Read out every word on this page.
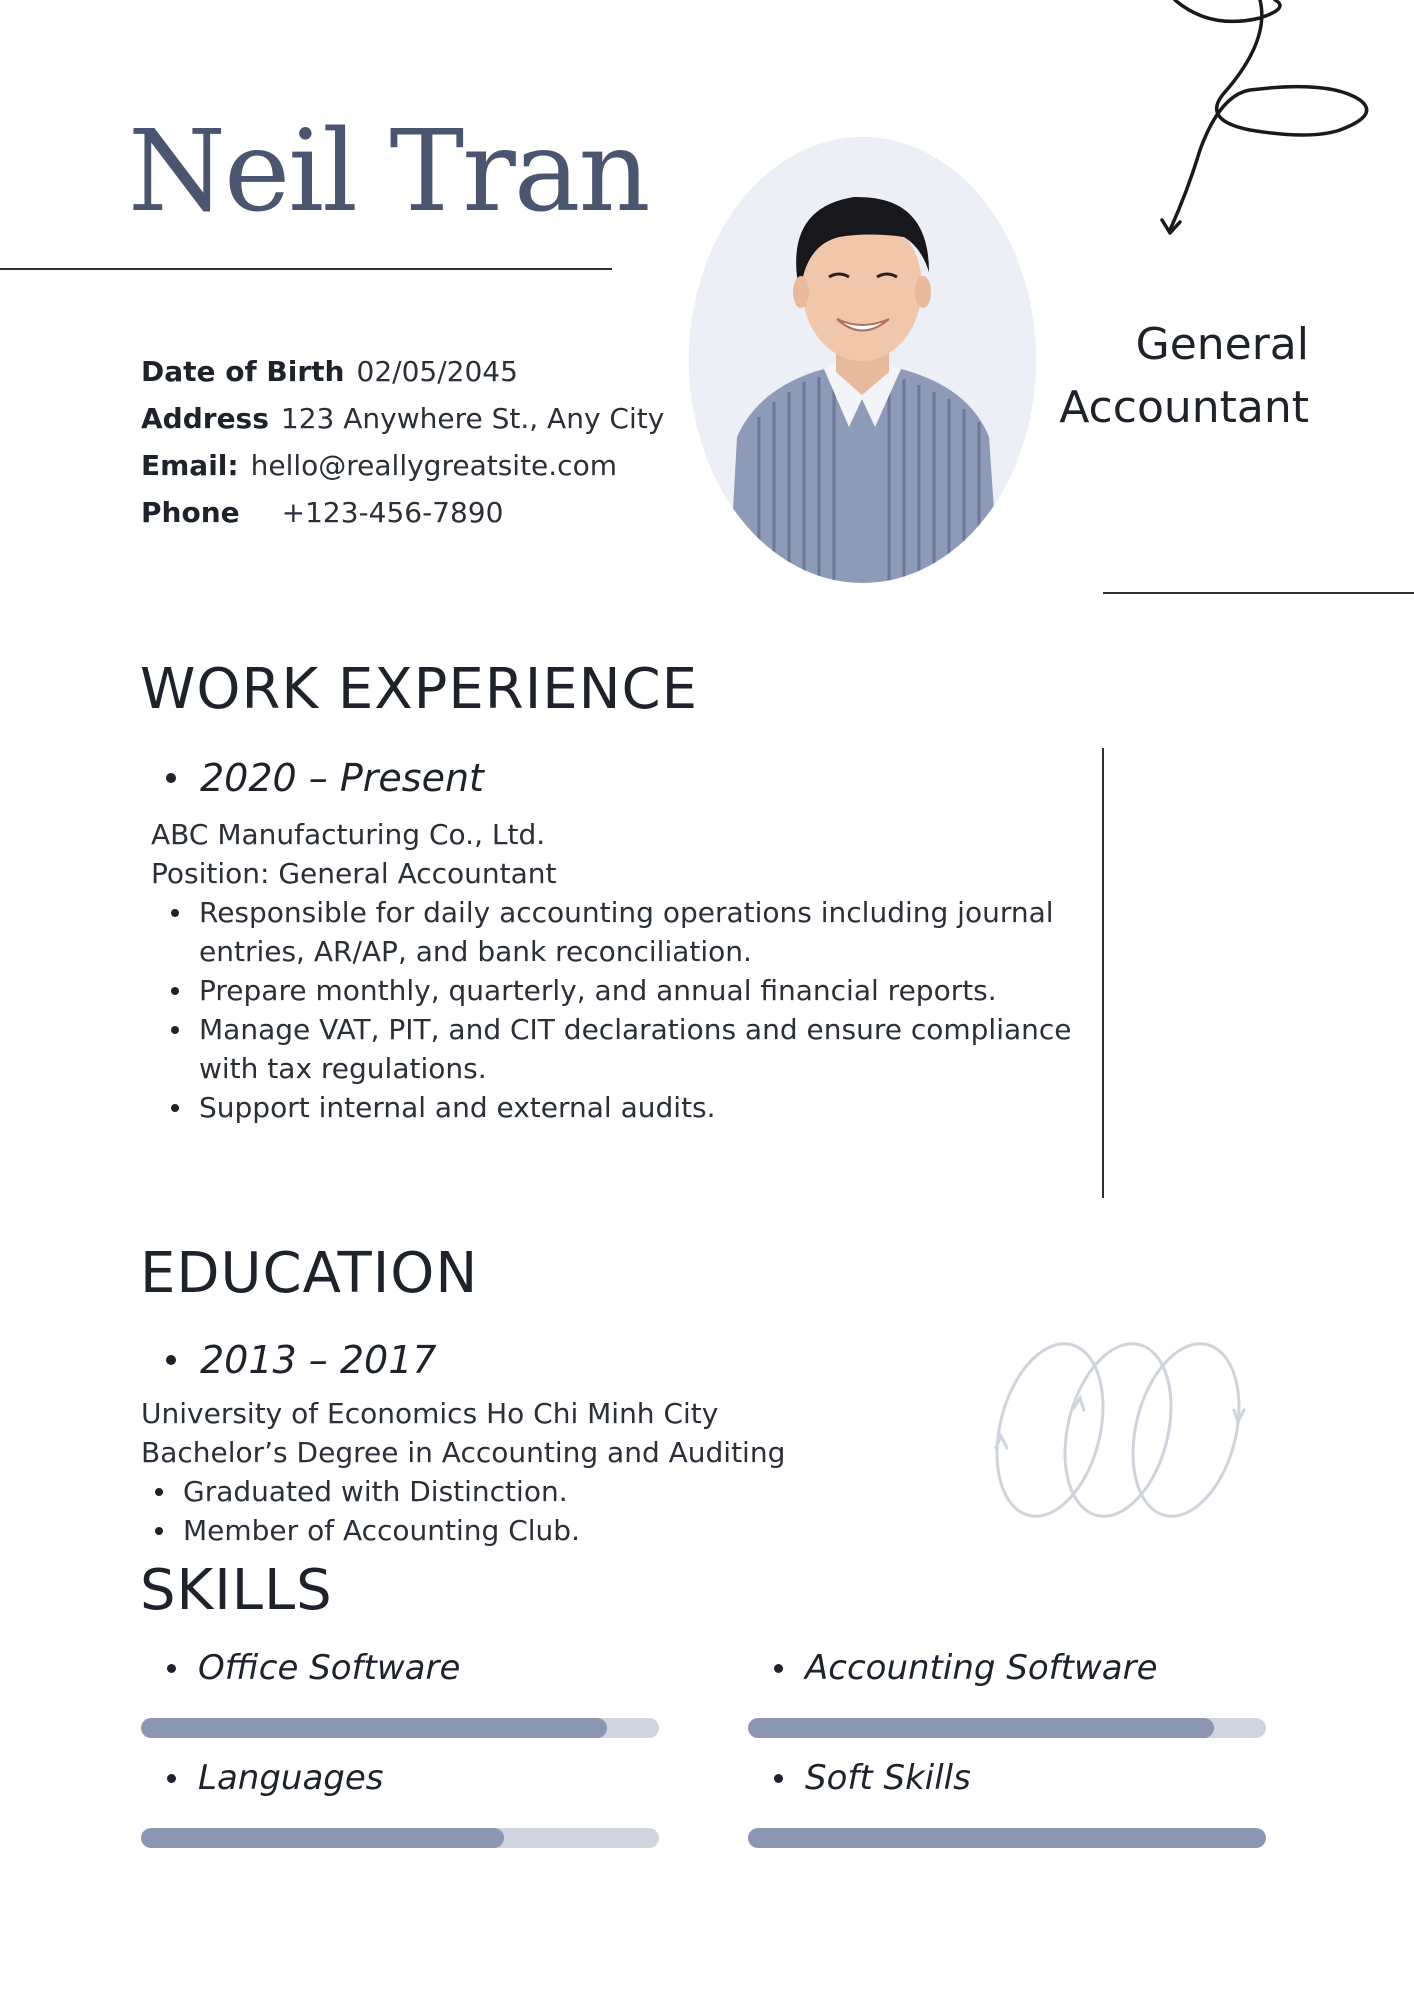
Neil Tran
Date of Birth 02/05/2045
Address 123 Anywhere St., Any City
Email: hello@reallygreatsite.com
Phone +123-456-7890
General
Accountant
WORK EXPERIENCE
2020 – Present
ABC Manufacturing Co., Ltd.
Position: General Accountant
Responsible for daily accounting operations including journal entries, AR/AP, and bank reconciliation.
Prepare monthly, quarterly, and annual financial reports.
Manage VAT, PIT, and CIT declarations and ensure compliance with tax regulations.
Support internal and external audits.
EDUCATION
2013 – 2017
University of Economics Ho Chi Minh City
Bachelor’s Degree in Accounting and Auditing
Graduated with Distinction.
Member of Accounting Club.
SKILLS
Office Software	Accounting Software
Languages	Soft Skills
